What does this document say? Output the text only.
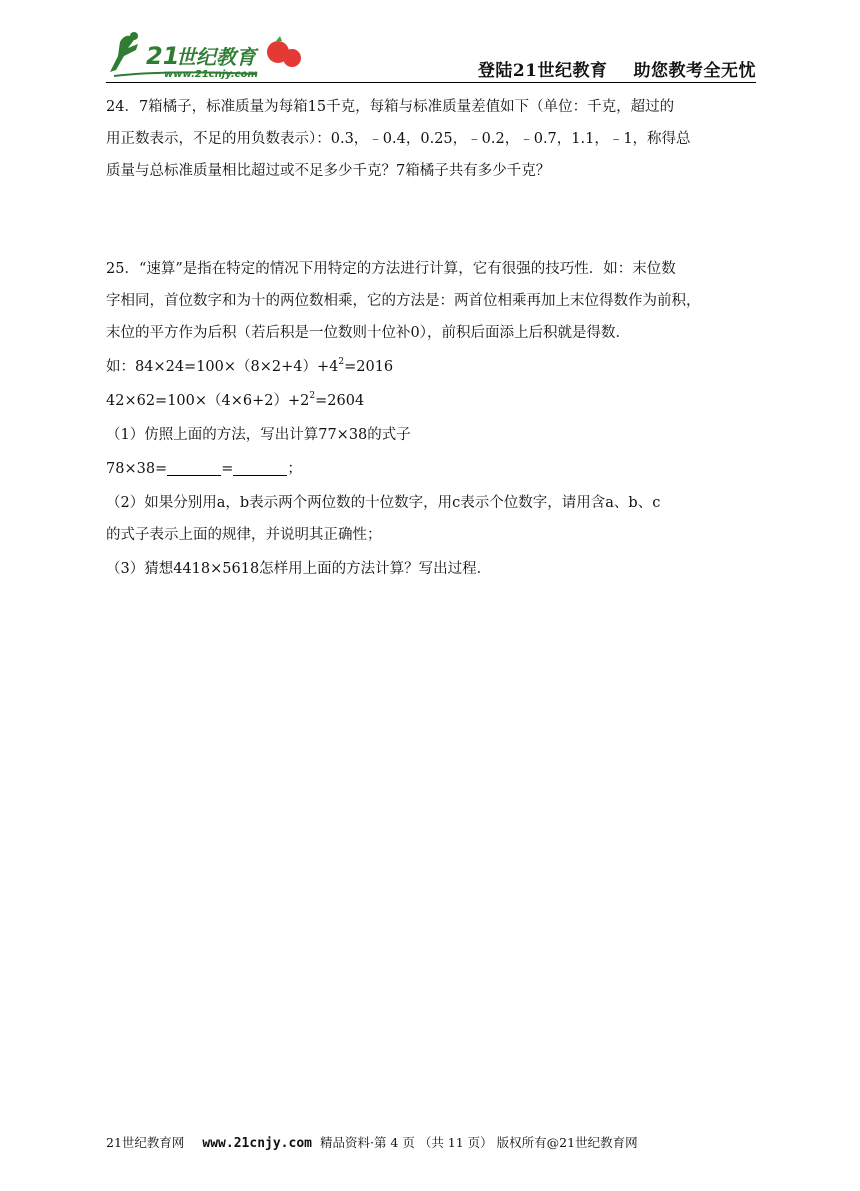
21
世纪教育
www.21cnjy.com	登陆21世纪教育 助您教考全无忧

24．7箱橘子，标准质量为每箱15千克，每箱与标准质量差值如下（单位：千克，超过的

用正数表示，不足的用负数表示）：0.3，﹣0.4，0.25，﹣0.2，﹣0.7，1.1，﹣1，称得总

质量与总标准质量相比超过或不足多少千克？7箱橘子共有多少千克？

25．“速算”是指在特定的情况下用特定的方法进行计算，它有很强的技巧性．如：末位数

字相同，首位数字和为十的两位数相乘，它的方法是：两首位相乘再加上末位得数作为前积，

末位的平方作为后积（若后积是一位数则十位补0），前积后面添上后积就是得数．

如：$84\times 24=100\times(8\times 2+4)+4^2=2016$

$42\times 62=100\times(4\times 6+2)+2^2=2604$

（1）仿照上面的方法，写出计算77×38的式子

78×38=	=	；

（2）如果分别用a，b表示两个两位数的十位数字，用c表示个位数字，请用含a、b、c

的式子表示上面的规律，并说明其正确性；

（3）猜想4418×5618怎样用上面的方法计算？写出过程．

21世纪教育网 www.21cnjy.com 精品资料·第 4 页 （共 11 页） 版权所有@21世纪教育网
